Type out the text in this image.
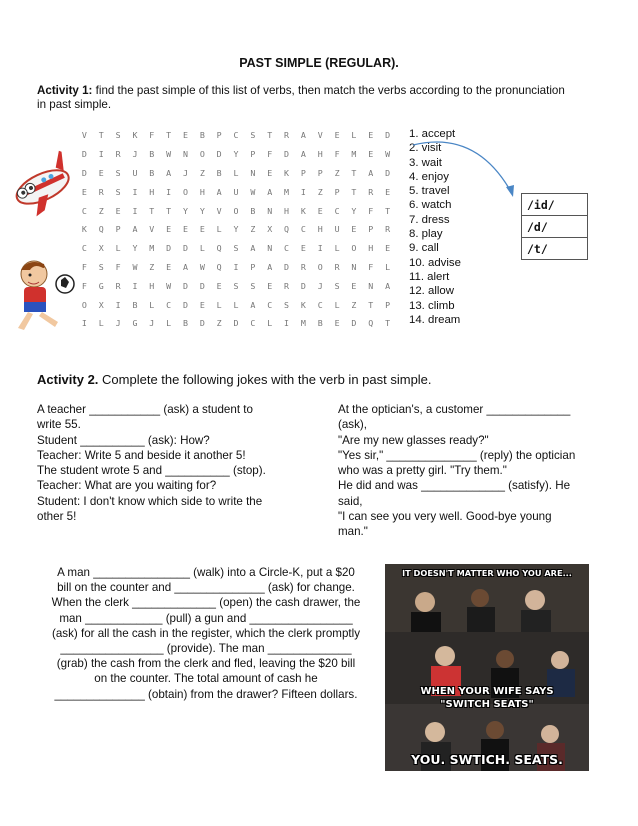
PAST SIMPLE (REGULAR).
Activity 1: find the past simple of this list of verbs, then match the verbs according to the pronunciation
in past simple.
V	T	S	K	F	T	E	B	P	C	S	T	R	A	V	E	L	E	D
D	I	R	J	B	W	N	O	D	Y	P	F	D	A	H	F	M	E	W
D	E	S	U	B	A	J	Z	B	L	N	E	K	P	P	Z	T	A	D
E	R	S	I	H	I	O	H	A	U	W	A	M	I	Z	P	T	R	E
C	Z	E	I	T	T	Y	Y	V	O	B	N	H	K	E	C	Y	F	T
K	Q	P	A	V	E	E	E	L	Y	Z	X	Q	C	H	U	E	P	R
C	X	L	Y	M	D	D	L	Q	S	A	N	C	E	I	L	O	H	E
F	S	F	W	Z	E	A	W	Q	I	P	A	D	R	O	R	N	F	L
F	G	R	I	H	W	D	D	E	S	S	E	R	D	J	S	E	N	A
O	X	I	B	L	C	D	E	L	L	A	C	S	K	C	L	Z	T	P
I	L	J	G	J	L	B	D	Z	D	C	L	I	M	B	E	D	Q	T
1. accept
2. visit
3. wait
4. enjoy
5. travel
6. watch
7. dress
8. play
9. call
10. advise
11. alert
12. allow
13. climb
14. dream
/id/
/d/
/t/
Activity 2. Complete the following jokes with the verb in past simple.
A teacher ___________ (ask) a student to
write 55.
Student __________ (ask): How?
Teacher: Write 5 and beside it another 5!
The student wrote 5 and __________ (stop).
Teacher: What are you waiting for?
Student: I don't know which side to write the
other 5!
At the optician's, a customer _____________
(ask),
"Are my new glasses ready?"
"Yes sir," ______________ (reply) the optician
who was a pretty girl. "Try them."
He did and was _____________ (satisfy). He
said,
"I can see you very well. Good-bye young
man."
A man _______________ (walk) into a Circle-K, put a $20
bill on the counter and ______________ (ask) for change.
When the clerk _____________ (open) the cash drawer, the
man ____________ (pull) a gun and ________________
(ask) for all the cash in the register, which the clerk promptly
________________ (provide). The man _____________
(grab) the cash from the clerk and fled, leaving the $20 bill
on the counter. The total amount of cash he
______________ (obtain) from the drawer? Fifteen dollars.
IT DOESN'T MATTER WHO YOU ARE...
WHEN YOUR WIFE SAYS
"SWITCH SEATS"
YOU. SWTICH. SEATS.
